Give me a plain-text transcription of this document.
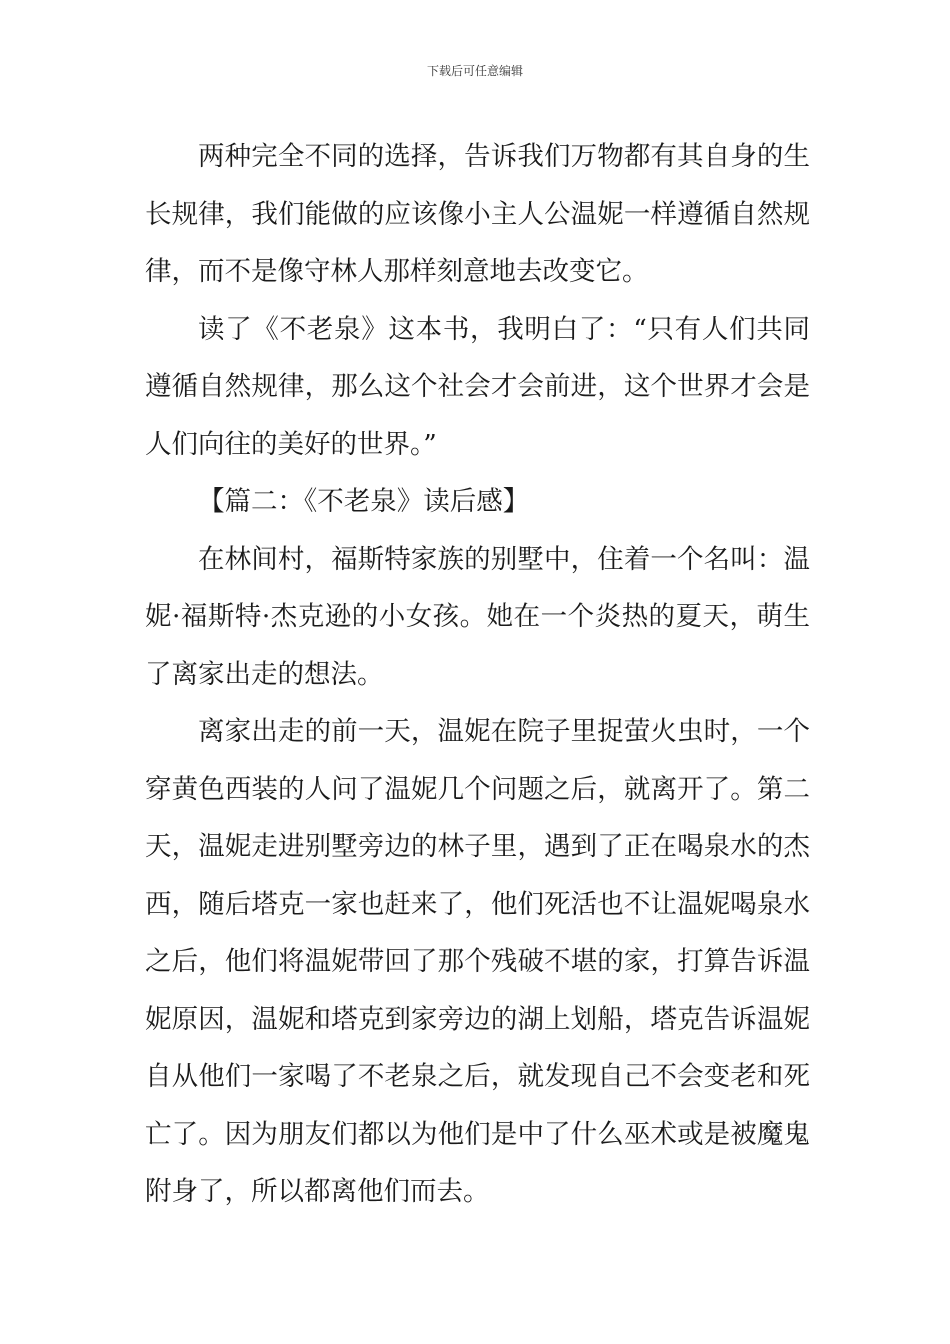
下载后可任意编辑

两种完全不同的选择，告诉我们万物都有其自身的生长规律，我们能做的应该像小主人公温妮一样遵循自然规律，而不是像守林人那样刻意地去改变它。

读了《不老泉》这本书，我明白了：“只有人们共同遵循自然规律，那么这个社会才会前进，这个世界才会是人们向往的美好的世界。”

【篇二：《不老泉》读后感】

在林间村，福斯特家族的别墅中，住着一个名叫：温妮·福斯特·杰克逊的小女孩。她在一个炎热的夏天，萌生了离家出走的想法。

离家出走的前一天，温妮在院子里捉萤火虫时，一个穿黄色西装的人问了温妮几个问题之后，就离开了。第二天，温妮走进别墅旁边的林子里，遇到了正在喝泉水的杰西，随后塔克一家也赶来了，他们死活也不让温妮喝泉水之后，他们将温妮带回了那个残破不堪的家，打算告诉温妮原因，温妮和塔克到家旁边的湖上划船，塔克告诉温妮自从他们一家喝了不老泉之后，就发现自己不会变老和死亡了。因为朋友们都以为他们是中了什么巫术或是被魔鬼附身了，所以都离他们而去。
